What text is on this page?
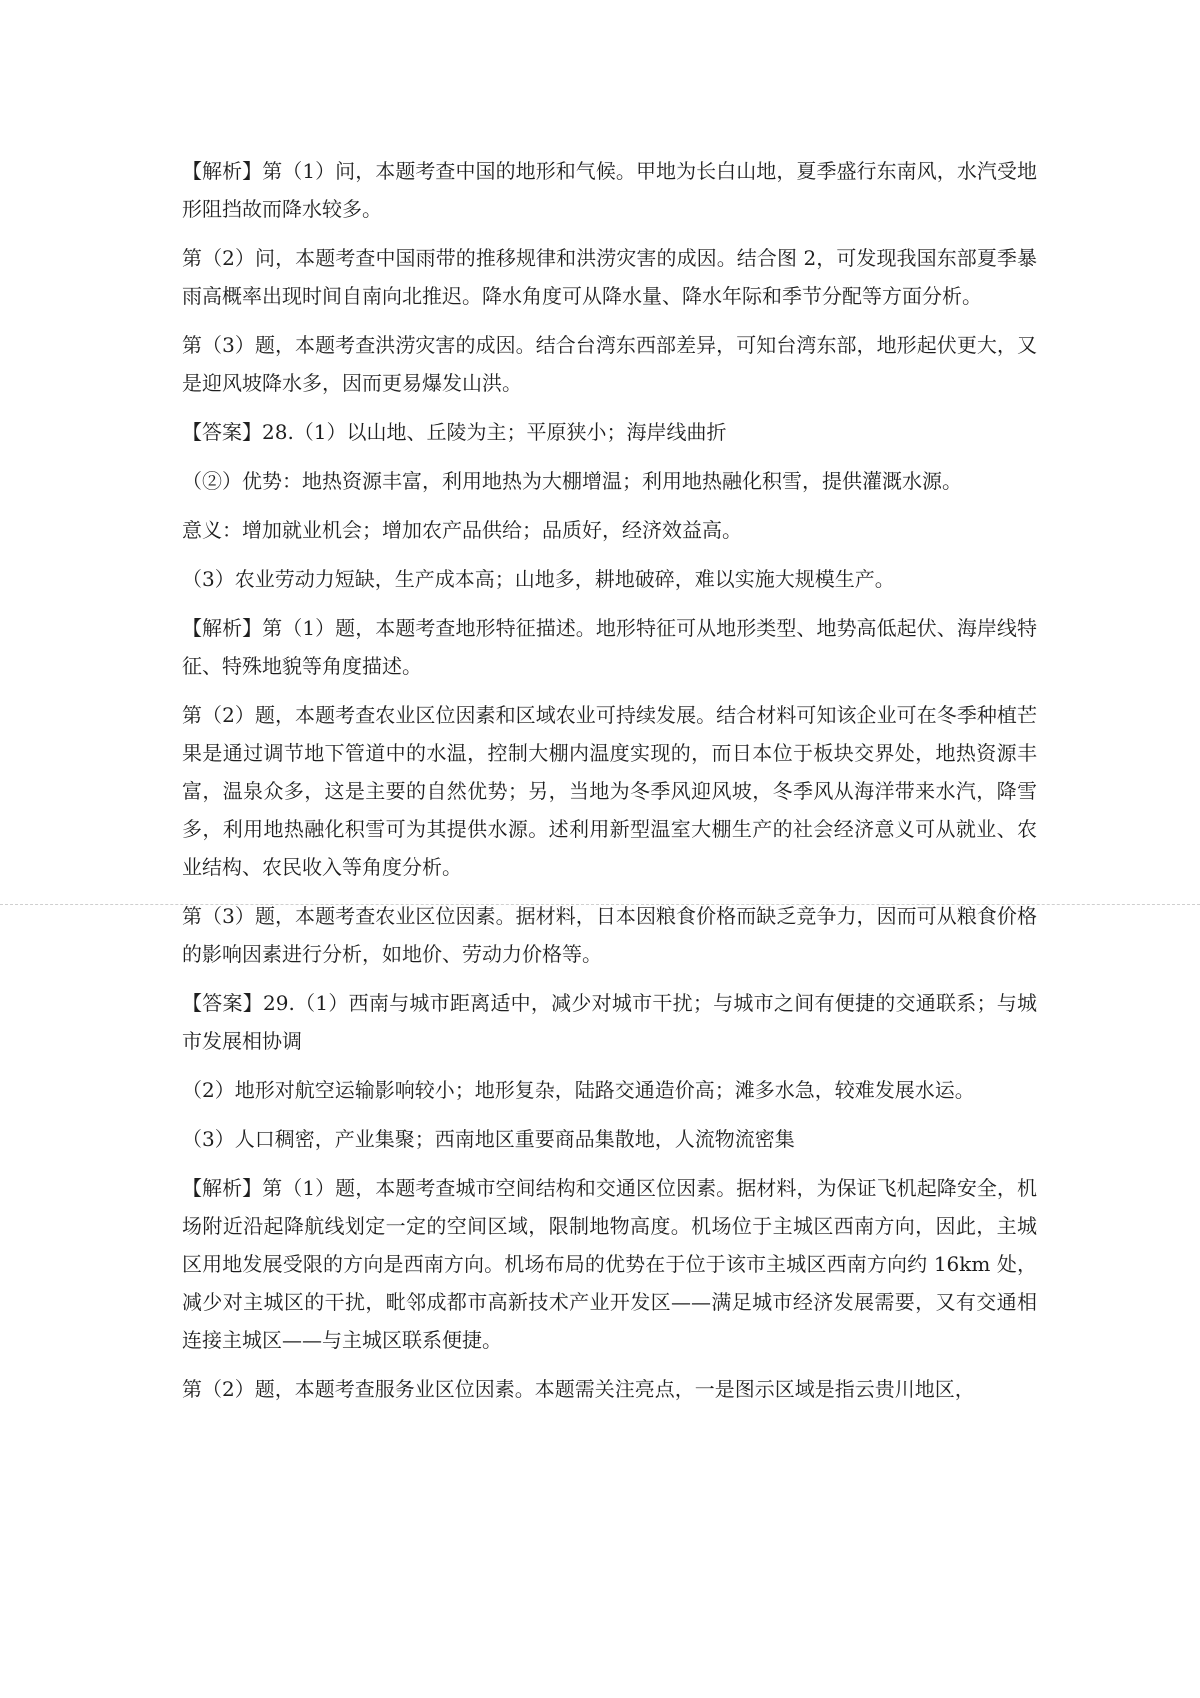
【解析】第（1）问，本题考查中国的地形和气候。甲地为长白山地，夏季盛行东南风，水汽受地形阻挡故而降水较多。

第（2）问，本题考查中国雨带的推移规律和洪涝灾害的成因。结合图 2，可发现我国东部夏季暴雨高概率出现时间自南向北推迟。降水角度可从降水量、降水年际和季节分配等方面分析。

第（3）题，本题考查洪涝灾害的成因。结合台湾东西部差异，可知台湾东部，地形起伏更大，又是迎风坡降水多，因而更易爆发山洪。

【答案】28.（1）以山地、丘陵为主；平原狭小；海岸线曲折

（②）优势：地热资源丰富，利用地热为大棚增温；利用地热融化积雪，提供灌溉水源。

意义：增加就业机会；增加农产品供给；品质好，经济效益高。

（3）农业劳动力短缺，生产成本高；山地多，耕地破碎，难以实施大规模生产。

【解析】第（1）题，本题考查地形特征描述。地形特征可从地形类型、地势高低起伏、海岸线特征、特殊地貌等角度描述。

第（2）题，本题考查农业区位因素和区域农业可持续发展。结合材料可知该企业可在冬季种植芒果是通过调节地下管道中的水温，控制大棚内温度实现的，而日本位于板块交界处，地热资源丰富，温泉众多，这是主要的自然优势；另，当地为冬季风迎风坡，冬季风从海洋带来水汽，降雪多，利用地热融化积雪可为其提供水源。述利用新型温室大棚生产的社会经济意义可从就业、农业结构、农民收入等角度分析。

第（3）题，本题考查农业区位因素。据材料，日本因粮食价格而缺乏竞争力，因而可从粮食价格的影响因素进行分析，如地价、劳动力价格等。

【答案】29.（1）西南与城市距离适中，减少对城市干扰；与城市之间有便捷的交通联系；与城市发展相协调

（2）地形对航空运输影响较小；地形复杂，陆路交通造价高；滩多水急，较难发展水运。

（3）人口稠密，产业集聚；西南地区重要商品集散地，人流物流密集

【解析】第（1）题，本题考查城市空间结构和交通区位因素。据材料，为保证飞机起降安全，机场附近沿起降航线划定一定的空间区域，限制地物高度。机场位于主城区西南方向，因此，主城区用地发展受限的方向是西南方向。机场布局的优势在于位于该市主城区西南方向约 16km 处，减少对主城区的干扰，毗邻成都市高新技术产业开发区——满足城市经济发展需要，又有交通相连接主城区——与主城区联系便捷。

第（2）题，本题考查服务业区位因素。本题需关注亮点，一是图示区域是指云贵川地区，
